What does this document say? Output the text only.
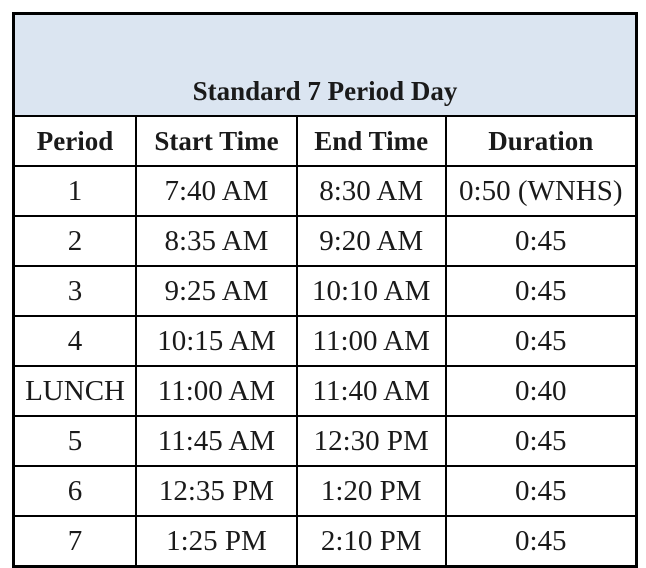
Standard 7 Period Day			
Period	Start Time	End Time	Duration
1	7:40 AM	8:30 AM	0:50 (WNHS)
2	8:35 AM	9:20 AM	0:45
3	9:25 AM	10:10 AM	0:45
4	10:15 AM	11:00 AM	0:45
LUNCH	11:00 AM	11:40 AM	0:40
5	11:45 AM	12:30 PM	0:45
6	12:35 PM	1:20 PM	0:45
7	1:25 PM	2:10 PM	0:45
